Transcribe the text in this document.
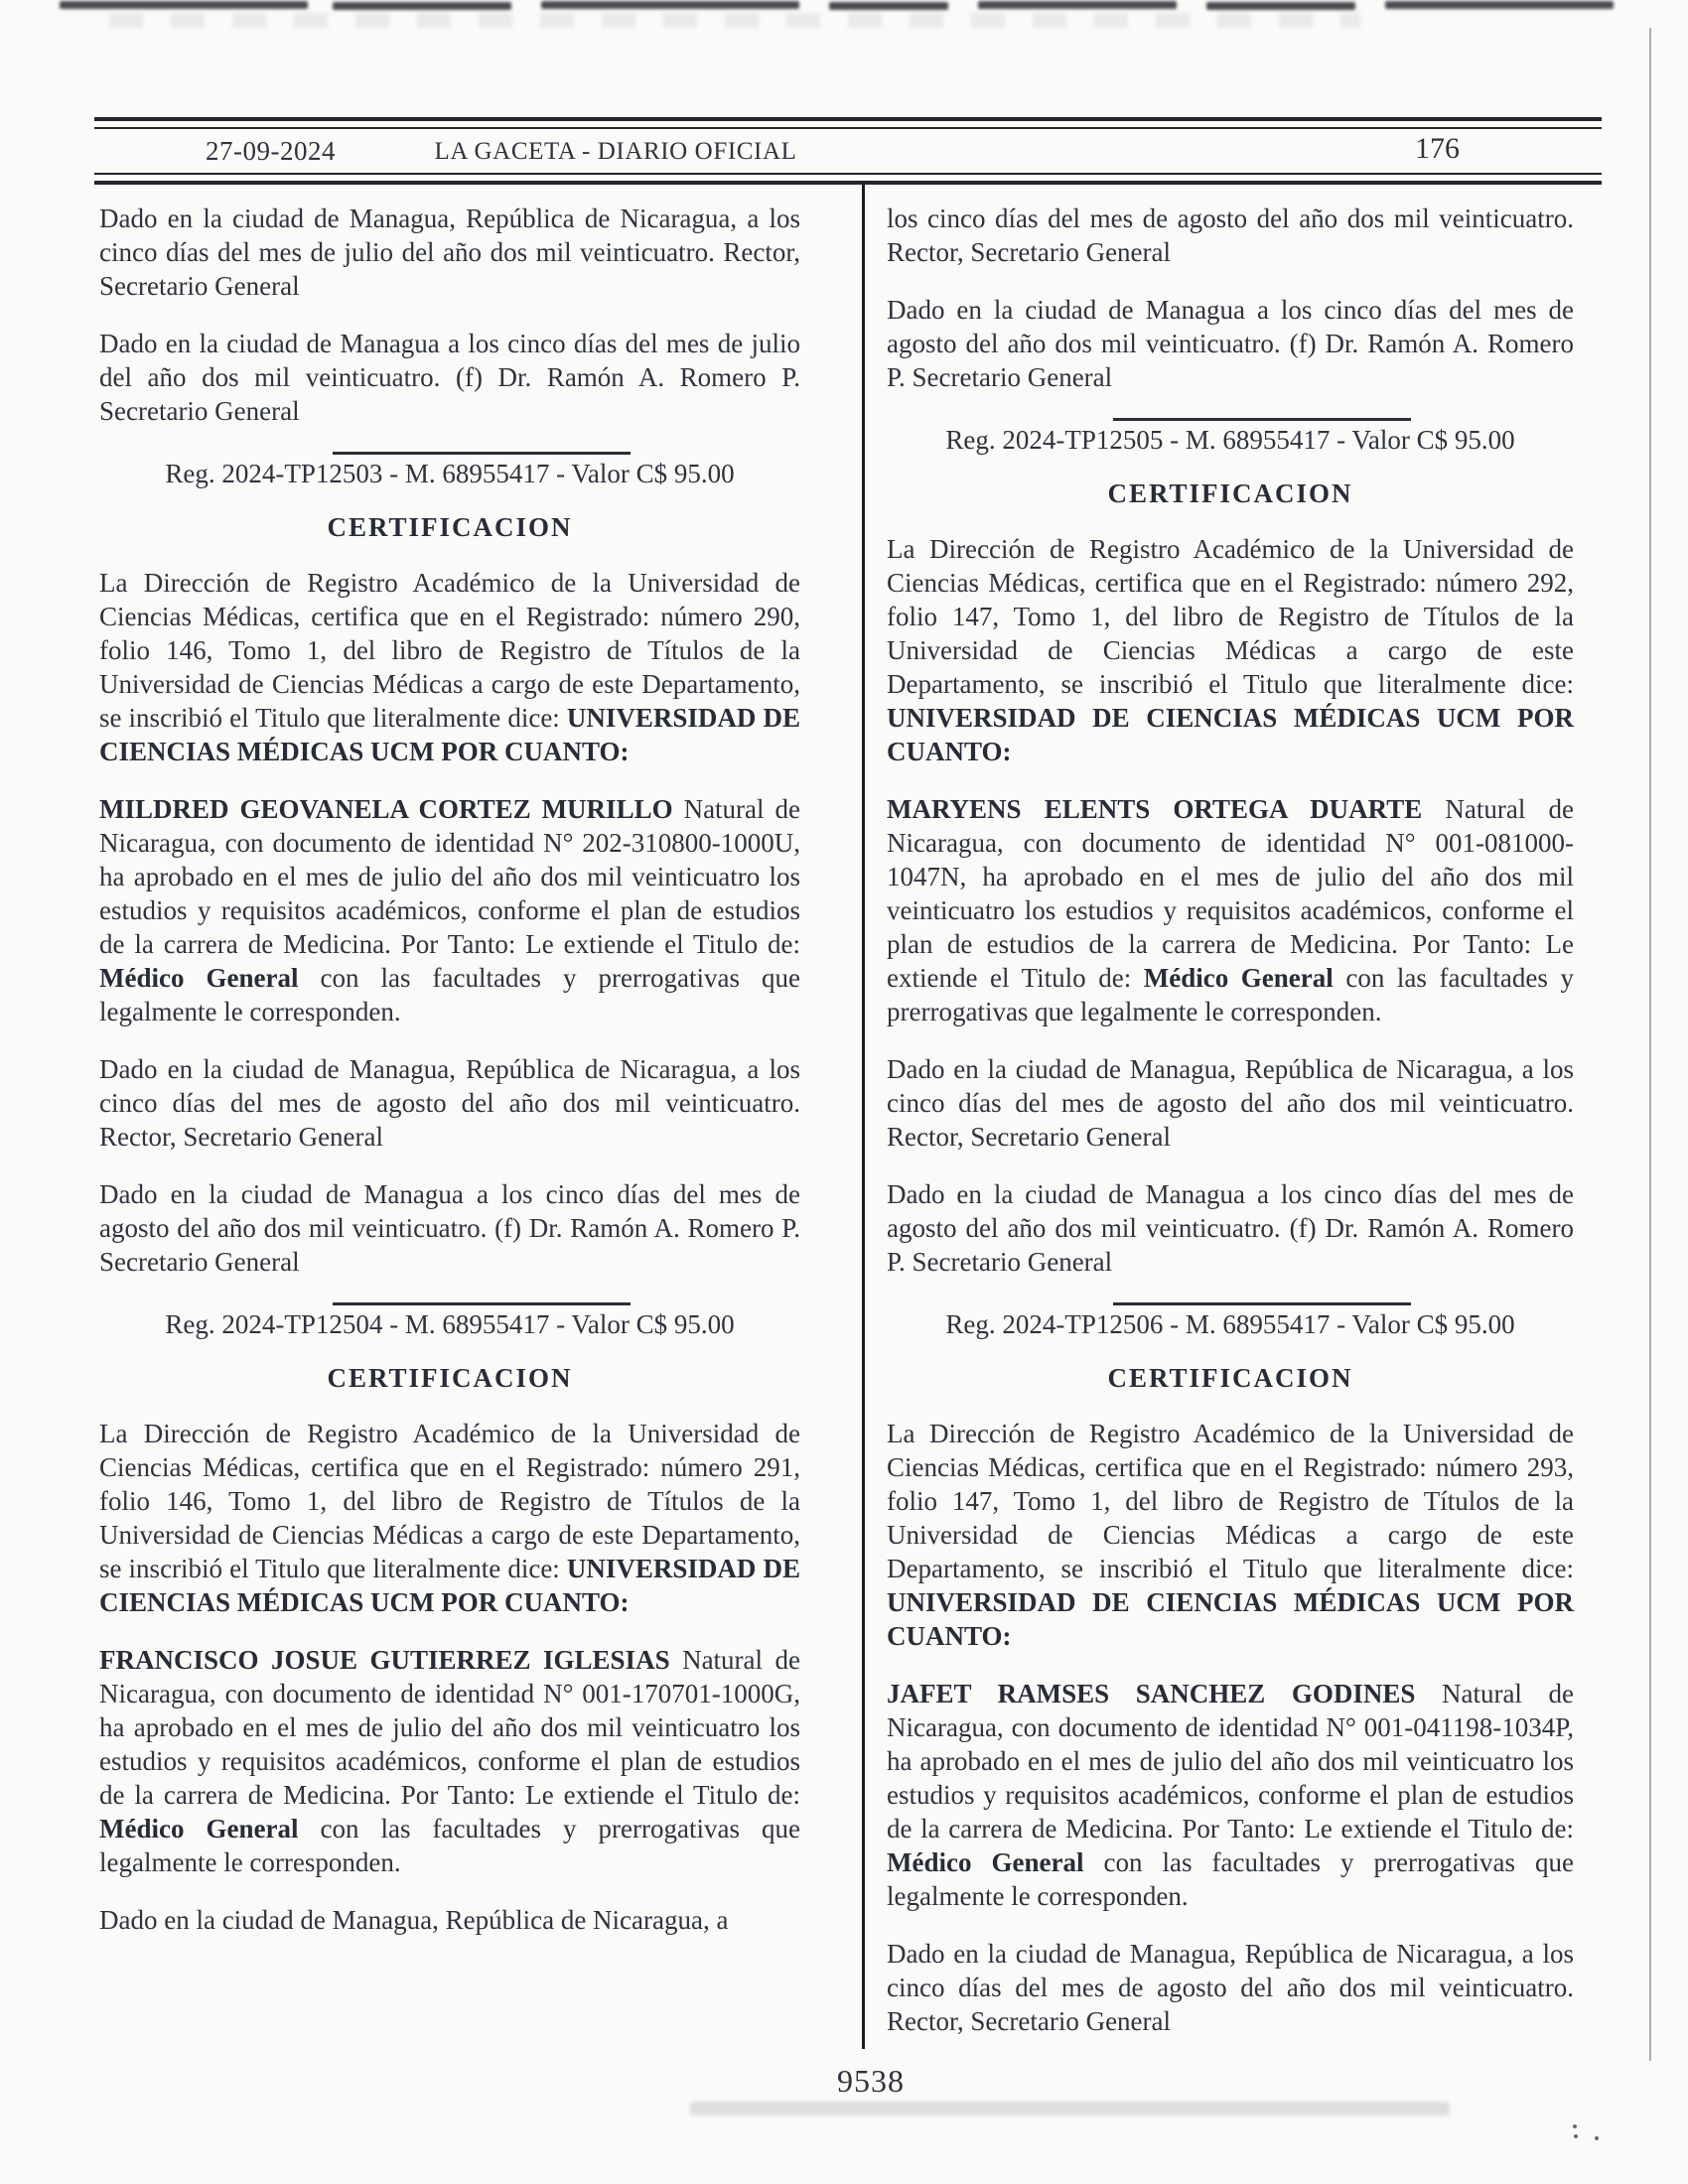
27-09-2024	LA GACETA - DIARIO OFICIAL	176

Dado en la ciudad de Managua, República de Nicaragua, a los cinco días del mes de julio del año dos mil veinticuatro. Rector, Secretario General

Dado en la ciudad de Managua a los cinco días del mes de julio del año dos mil veinticuatro. (f) Dr. Ramón A. Romero P. Secretario General

Reg. 2024-TP12503 - M. 68955417 - Valor C$ 95.00

CERTIFICACION

La Dirección de Registro Académico de la Universidad de Ciencias Médicas, certifica que en el Registrado: número 290, folio 146, Tomo 1, del libro de Registro de Títulos de la Universidad de Ciencias Médicas a cargo de este Departamento, se inscribió el Titulo que literalmente dice: UNIVERSIDAD DE CIENCIAS MÉDICAS UCM POR CUANTO:

MILDRED GEOVANELA CORTEZ MURILLO Natural de Nicaragua, con documento de identidad N° 202-310800-1000U, ha aprobado en el mes de julio del año dos mil veinticuatro los estudios y requisitos académicos, conforme el plan de estudios de la carrera de Medicina. Por Tanto: Le extiende el Titulo de: Médico General con las facultades y prerrogativas que legalmente le corresponden.

Dado en la ciudad de Managua, República de Nicaragua, a los cinco días del mes de agosto del año dos mil veinticuatro. Rector, Secretario General

Dado en la ciudad de Managua a los cinco días del mes de agosto del año dos mil veinticuatro. (f) Dr. Ramón A. Romero P. Secretario General

Reg. 2024-TP12504 - M. 68955417 - Valor C$ 95.00

CERTIFICACION

La Dirección de Registro Académico de la Universidad de Ciencias Médicas, certifica que en el Registrado: número 291, folio 146, Tomo 1, del libro de Registro de Títulos de la Universidad de Ciencias Médicas a cargo de este Departamento, se inscribió el Titulo que literalmente dice: UNIVERSIDAD DE CIENCIAS MÉDICAS UCM POR CUANTO:

FRANCISCO JOSUE GUTIERREZ IGLESIAS Natural de Nicaragua, con documento de identidad N° 001-170701-1000G, ha aprobado en el mes de julio del año dos mil veinticuatro los estudios y requisitos académicos, conforme el plan de estudios de la carrera de Medicina. Por Tanto: Le extiende el Titulo de: Médico General con las facultades y prerrogativas que legalmente le corresponden.

Dado en la ciudad de Managua, República de Nicaragua, a

los cinco días del mes de agosto del año dos mil veinticuatro. Rector, Secretario General

Dado en la ciudad de Managua a los cinco días del mes de agosto del año dos mil veinticuatro. (f) Dr. Ramón A. Romero P. Secretario General

Reg. 2024-TP12505 - M. 68955417 - Valor C$ 95.00

CERTIFICACION

La Dirección de Registro Académico de la Universidad de Ciencias Médicas, certifica que en el Registrado: número 292, folio 147, Tomo 1, del libro de Registro de Títulos de la Universidad de Ciencias Médicas a cargo de este Departamento, se inscribió el Titulo que literalmente dice: UNIVERSIDAD DE CIENCIAS MÉDICAS UCM POR CUANTO:

MARYENS ELENTS ORTEGA DUARTE Natural de Nicaragua, con documento de identidad N° 001-081000-1047N, ha aprobado en el mes de julio del año dos mil veinticuatro los estudios y requisitos académicos, conforme el plan de estudios de la carrera de Medicina. Por Tanto: Le extiende el Titulo de: Médico General con las facultades y prerrogativas que legalmente le corresponden.

Dado en la ciudad de Managua, República de Nicaragua, a los cinco días del mes de agosto del año dos mil veinticuatro. Rector, Secretario General

Dado en la ciudad de Managua a los cinco días del mes de agosto del año dos mil veinticuatro. (f) Dr. Ramón A. Romero P. Secretario General

Reg. 2024-TP12506 - M. 68955417 - Valor C$ 95.00

CERTIFICACION

La Dirección de Registro Académico de la Universidad de Ciencias Médicas, certifica que en el Registrado: número 293, folio 147, Tomo 1, del libro de Registro de Títulos de la Universidad de Ciencias Médicas a cargo de este Departamento, se inscribió el Titulo que literalmente dice: UNIVERSIDAD DE CIENCIAS MÉDICAS UCM POR CUANTO:

JAFET RAMSES SANCHEZ GODINES Natural de Nicaragua, con documento de identidad N° 001-041198-1034P, ha aprobado en el mes de julio del año dos mil veinticuatro los estudios y requisitos académicos, conforme el plan de estudios de la carrera de Medicina. Por Tanto: Le extiende el Titulo de: Médico General con las facultades y prerrogativas que legalmente le corresponden.

Dado en la ciudad de Managua, República de Nicaragua, a los cinco días del mes de agosto del año dos mil veinticuatro. Rector, Secretario General

9538
